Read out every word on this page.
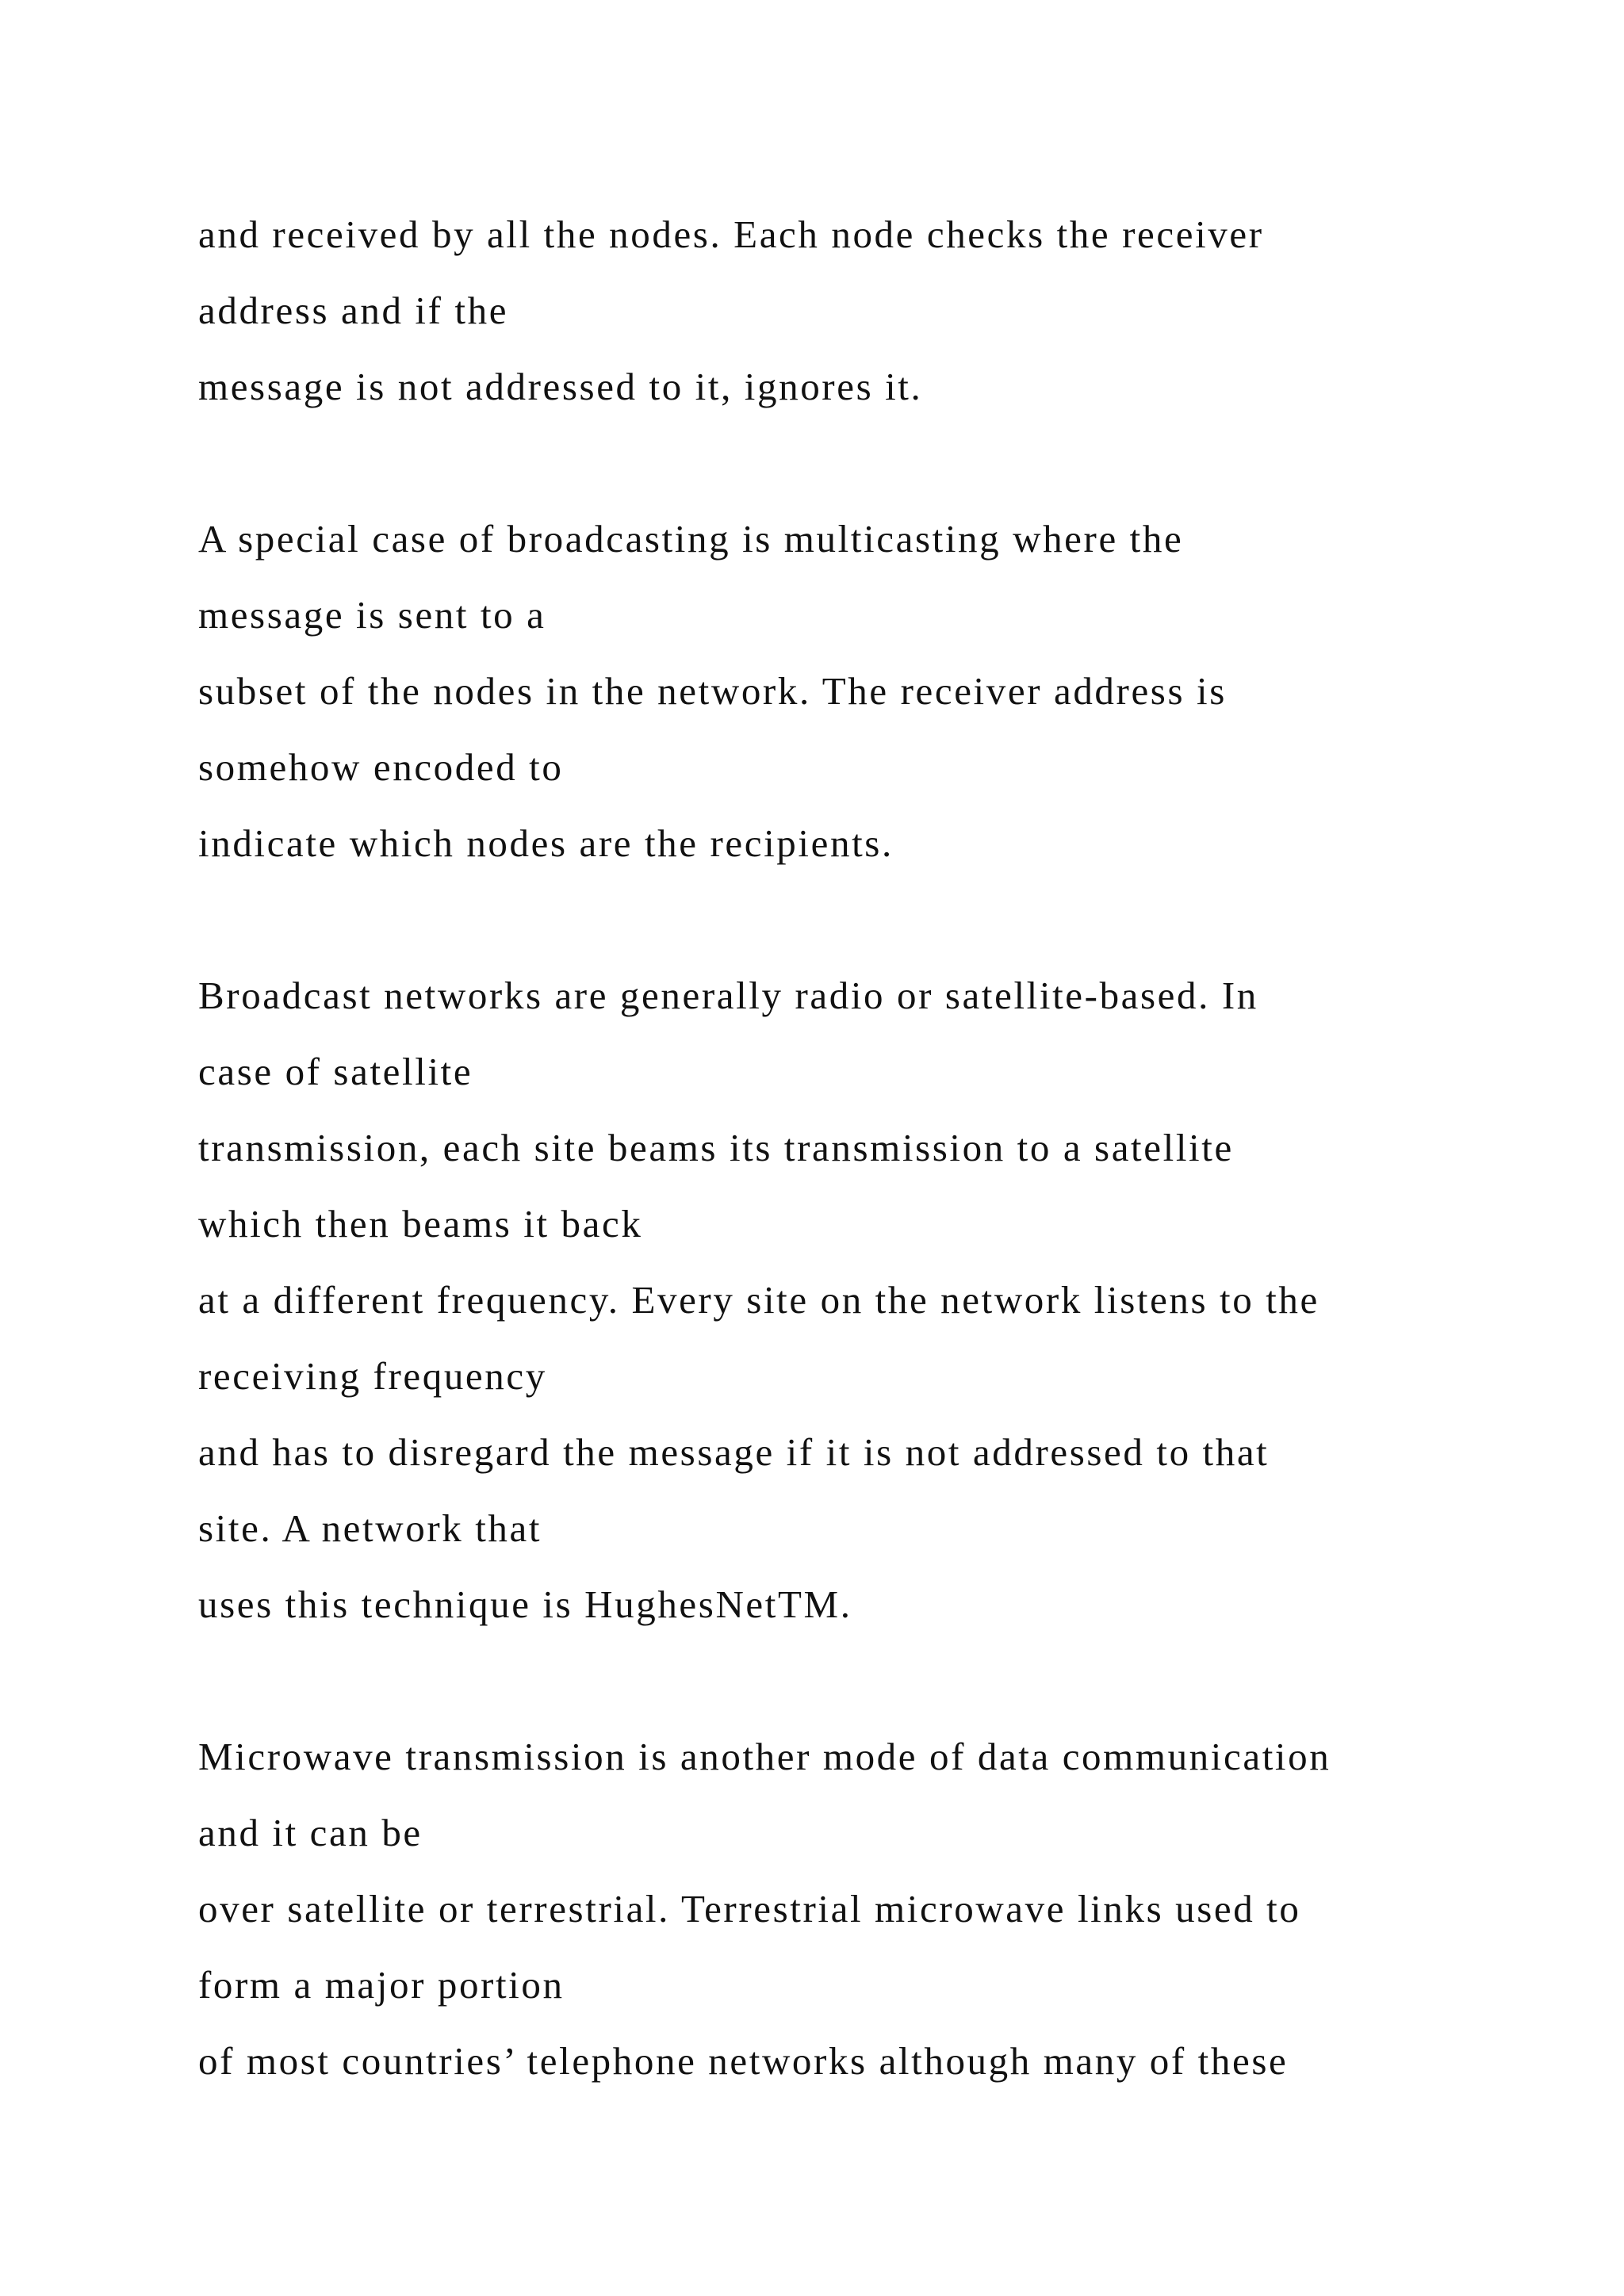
and received by all the nodes. Each node checks the receiver
address and if the
message is not addressed to it, ignores it.
A special case of broadcasting is multicasting where the
message is sent to a
subset of the nodes in the network. The receiver address is
somehow encoded to
indicate which nodes are the recipients.
Broadcast networks are generally radio or satellite-based. In
case of satellite
transmission, each site beams its transmission to a satellite
which then beams it back
at a different frequency. Every site on the network listens to the
receiving frequency
and has to disregard the message if it is not addressed to that
site. A network that
uses this technique is HughesNetTM.
Microwave transmission is another mode of data communication
and it can be
over satellite or terrestrial. Terrestrial microwave links used to
form a major portion
of most countries’ telephone networks although many of these
